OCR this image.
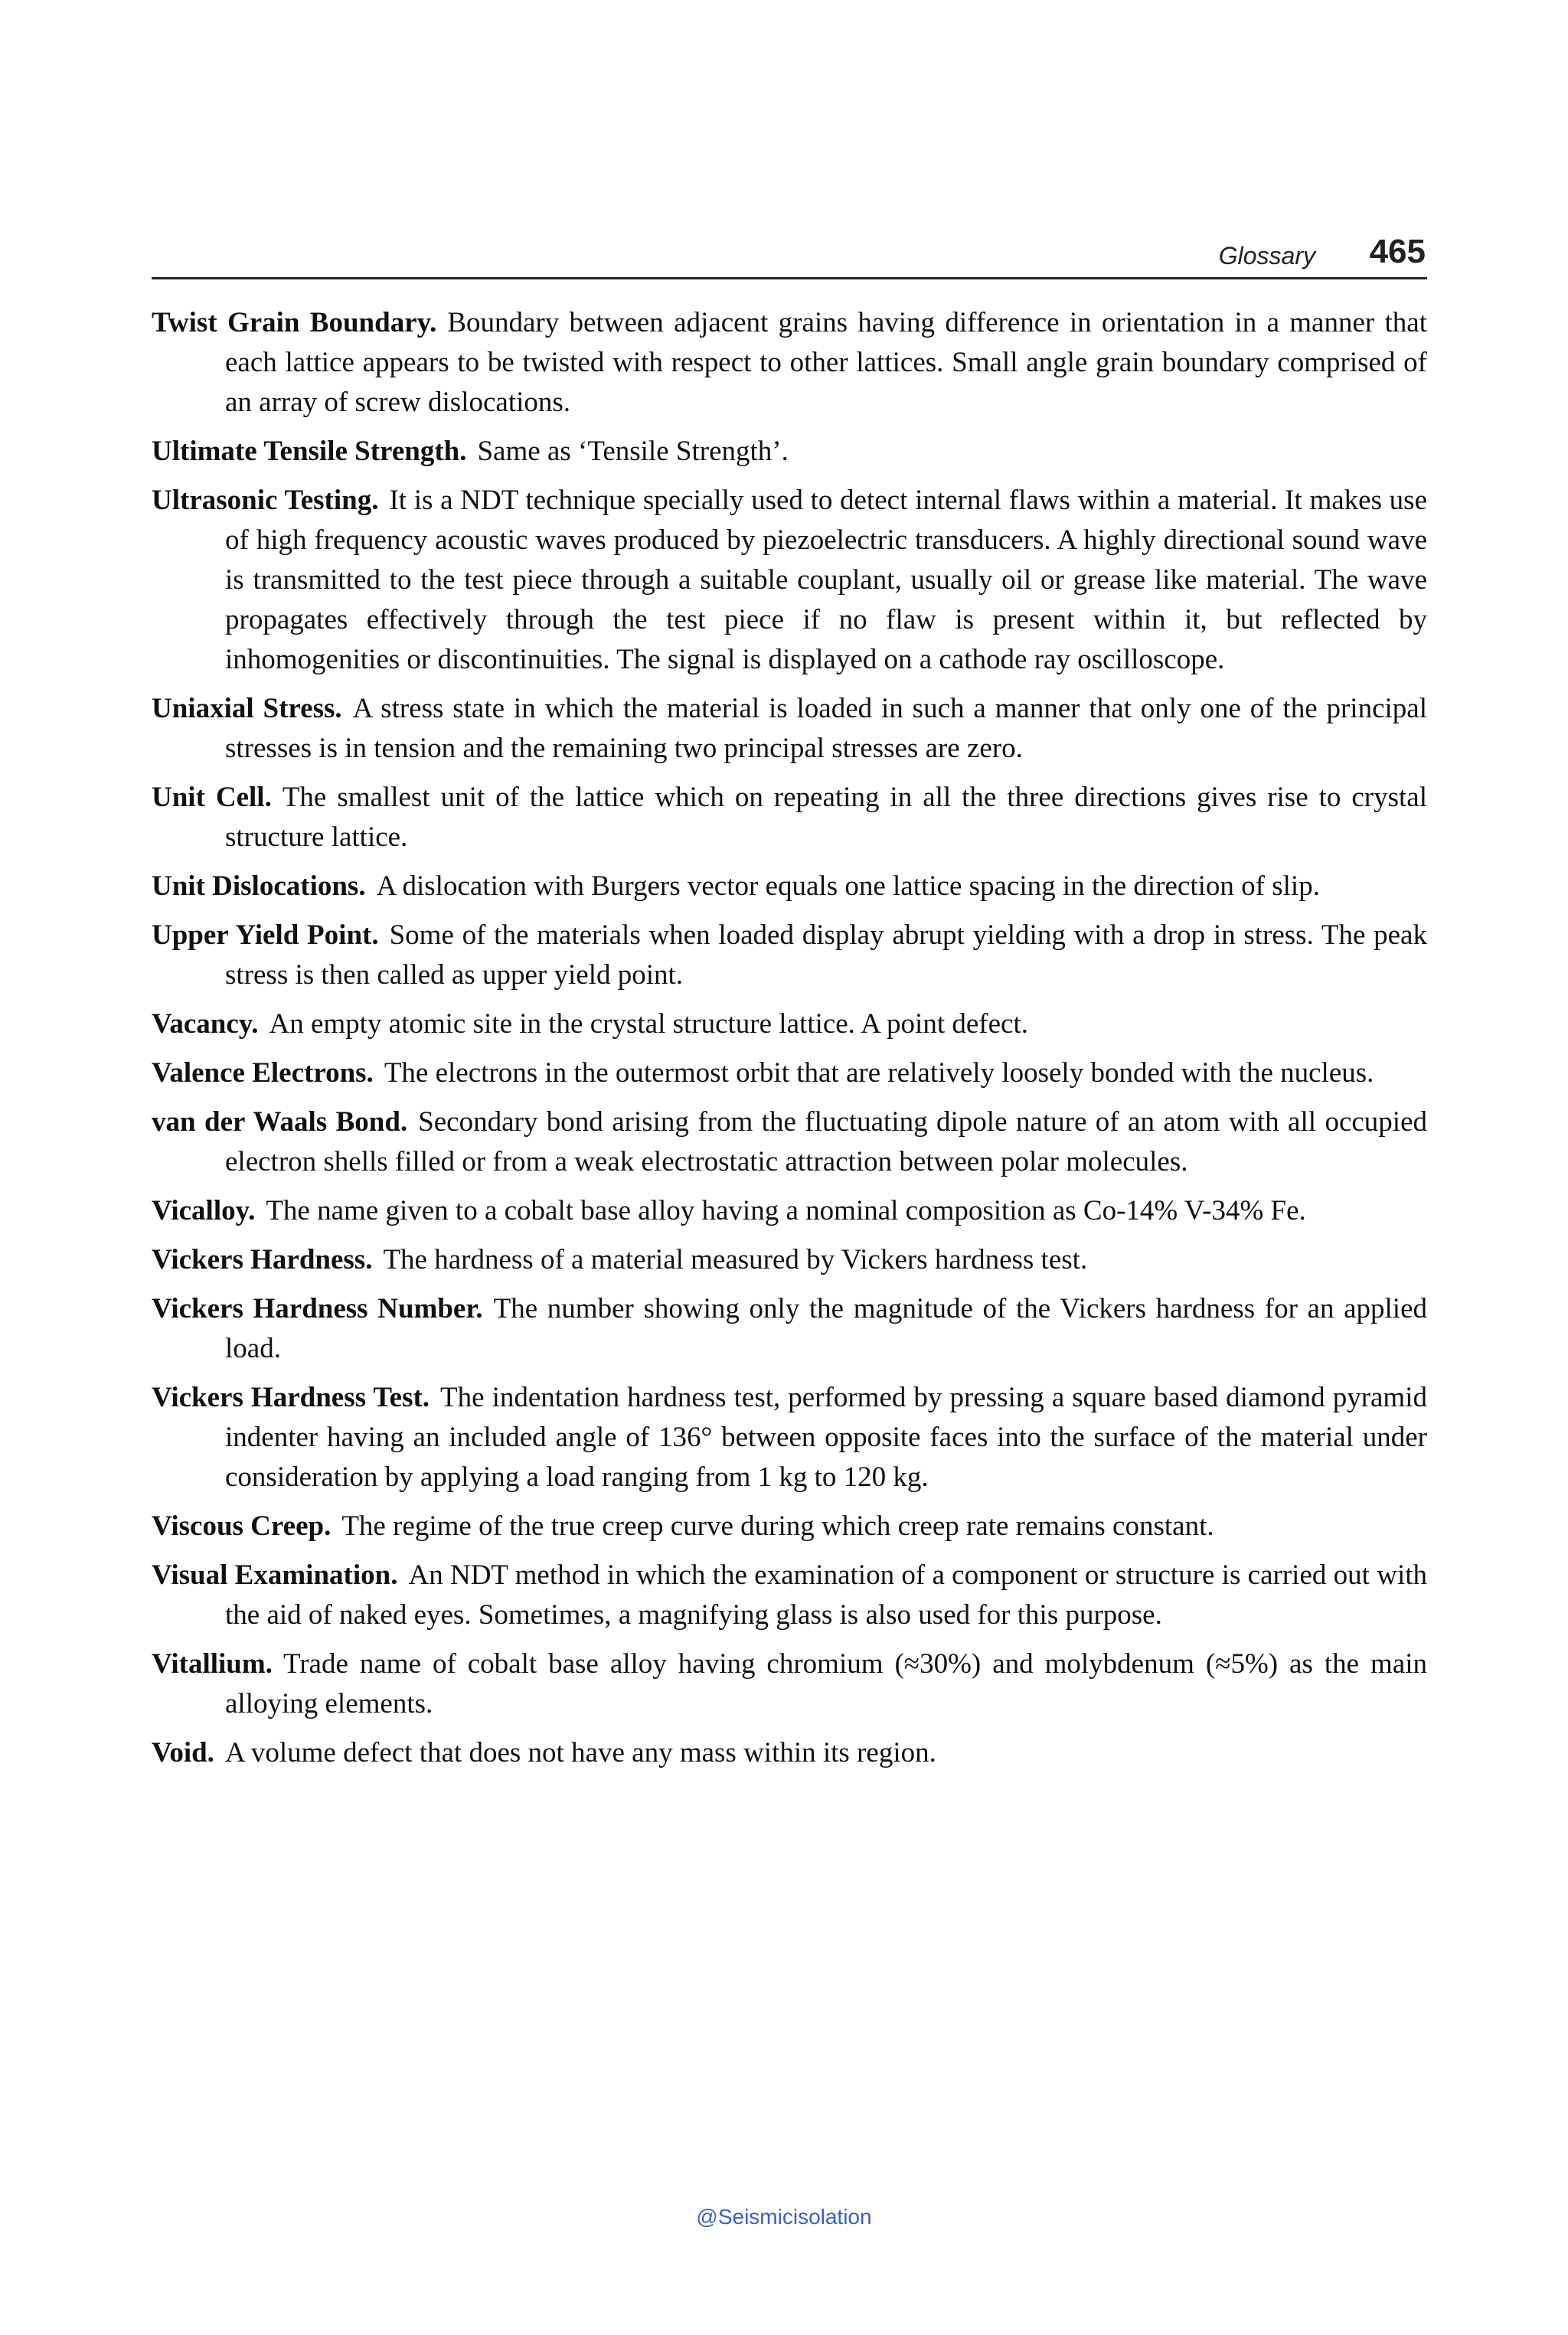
Glossary 465
Twist Grain Boundary. Boundary between adjacent grains having difference in orientation in a manner that each lattice appears to be twisted with respect to other lattices. Small angle grain boundary comprised of an array of screw dislocations.
Ultimate Tensile Strength. Same as ‘Tensile Strength’.
Ultrasonic Testing. It is a NDT technique specially used to detect internal flaws within a material. It makes use of high frequency acoustic waves produced by piezoelectric transducers. A highly directional sound wave is transmitted to the test piece through a suitable couplant, usually oil or grease like material. The wave propagates effectively through the test piece if no flaw is present within it, but reflected by inhomogenities or discontinuities. The signal is displayed on a cathode ray oscilloscope.
Uniaxial Stress. A stress state in which the material is loaded in such a manner that only one of the principal stresses is in tension and the remaining two principal stresses are zero.
Unit Cell. The smallest unit of the lattice which on repeating in all the three directions gives rise to crystal structure lattice.
Unit Dislocations. A dislocation with Burgers vector equals one lattice spacing in the direction of slip.
Upper Yield Point. Some of the materials when loaded display abrupt yielding with a drop in stress. The peak stress is then called as upper yield point.
Vacancy. An empty atomic site in the crystal structure lattice. A point defect.
Valence Electrons. The electrons in the outermost orbit that are relatively loosely bonded with the nucleus.
van der Waals Bond. Secondary bond arising from the fluctuating dipole nature of an atom with all occupied electron shells filled or from a weak electrostatic attraction between polar molecules.
Vicalloy. The name given to a cobalt base alloy having a nominal composition as Co-14% V-34% Fe.
Vickers Hardness. The hardness of a material measured by Vickers hardness test.
Vickers Hardness Number. The number showing only the magnitude of the Vickers hardness for an applied load.
Vickers Hardness Test. The indentation hardness test, performed by pressing a square based diamond pyramid indenter having an included angle of 136° between opposite faces into the surface of the material under consideration by applying a load ranging from 1 kg to 120 kg.
Viscous Creep. The regime of the true creep curve during which creep rate remains constant.
Visual Examination. An NDT method in which the examination of a component or structure is carried out with the aid of naked eyes. Sometimes, a magnifying glass is also used for this purpose.
Vitallium. Trade name of cobalt base alloy having chromium (≈30%) and molybdenum (≈5%) as the main alloying elements.
Void. A volume defect that does not have any mass within its region.
@Seismicisolation
